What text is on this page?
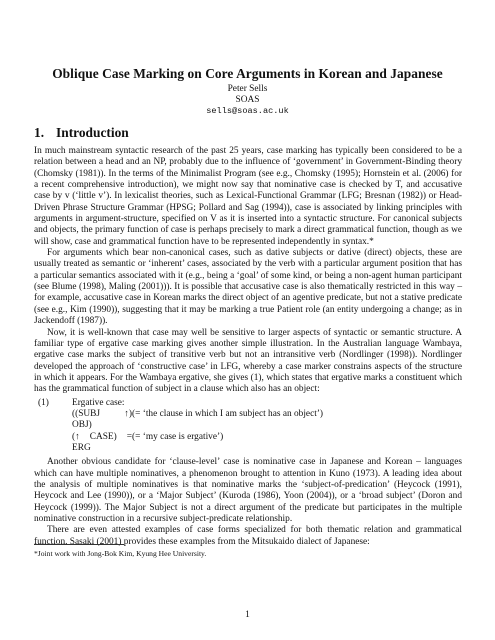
Oblique Case Marking on Core Arguments in Korean and Japanese
Peter Sells
SOAS
sells@soas.ac.uk
1. Introduction

In much mainstream syntactic research of the past 25 years, case marking has typically been considered to be a relation between a head and an NP, probably due to the influence of ‘government’ in Government-Binding theory (Chomsky (1981)). In the terms of the Minimalist Program (see e.g., Chomsky (1995); Hornstein et al. (2006) for a recent comprehensive introduction), we might now say that nominative case is checked by T, and accusative case by v (‘little v’). In lexicalist theories, such as Lexical-Functional Grammar (LFG; Bresnan (1982)) or Head-Driven Phrase Structure Grammar (HPSG; Pollard and Sag (1994)), case is associated by linking principles with arguments in argument-structure, specified on V as it is inserted into a syntactic structure. For canonical subjects and objects, the primary function of case is perhaps precisely to mark a direct grammatical function, though as we will show, case and grammatical function have to be represented independently in syntax.*

For arguments which bear non-canonical cases, such as dative subjects or dative (direct) objects, these are usually treated as semantic or ‘inherent’ cases, associated by the verb with a particular argument position that has a particular semantics associated with it (e.g., being a ‘goal’ of some kind, or being a non-agent human participant (see Blume (1998), Maling (2001))). It is possible that accusative case is also thematically restricted in this way – for example, accusative case in Korean marks the direct object of an agentive predicate, but not a stative predicate (see e.g., Kim (1990)), suggesting that it may be marking a true Patient role (an entity undergoing a change; as in Jackendoff (1987)).

Now, it is well-known that case may well be sensitive to larger aspects of syntactic or semantic structure. A familiar type of ergative case marking gives another simple illustration. In the Australian language Wambaya, ergative case marks the subject of transitive verb but not an intransitive verb (Nordlinger (1998)). Nordlinger developed the approach of ‘constructive case’ in LFG, whereby a case marker constrains aspects of the structure in which it appears. For the Wambaya ergative, she gives (1), which states that ergative marks a constituent which has the grammatical function of subject in a clause which also has an object:

(1)	Ergative case:
((SUBJ ↑) OBJ)
(= ‘the clause in which I am subject has an object’)
(↑ CASE) = ERG
(= ‘my case is ergative’)

Another obvious candidate for ‘clause-level’ case is nominative case in Japanese and Korean – languages which can have multiple nominatives, a phenomenon brought to attention in Kuno (1973). A leading idea about the analysis of multiple nominatives is that nominative marks the ‘subject-of-predication’ (Heycock (1991), Heycock and Lee (1990)), or a ‘Major Subject’ (Kuroda (1986), Yoon (2004)), or a ‘broad subject’ (Doron and Heycock (1999)). The Major Subject is not a direct argument of the predicate but participates in the multiple nominative construction in a recursive subject-predicate relationship.

There are even attested examples of case forms specialized for both thematic relation and grammatical function. Sasaki (2001) provides these examples from the Mitsukaido dialect of Japanese:

*Joint work with Jong-Bok Kim, Kyung Hee University.
1
